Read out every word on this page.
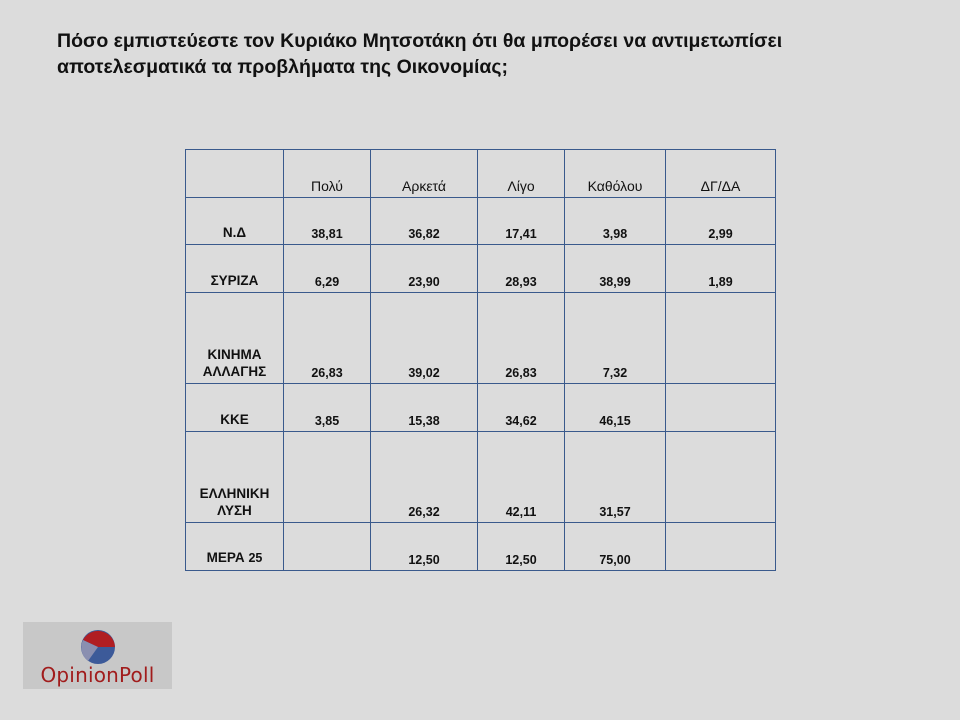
Πόσο εμπιστεύεστε τον Κυριάκο Μητσοτάκη ότι θα μπορέσει να αντιμετωπίσει αποτελεσματικά τα προβλήματα της Οικονομίας;
	Πολύ	Αρκετά	Λίγο	Καθόλου	ΔΓ/ΔΑ
Ν.Δ	38,81	36,82	17,41	3,98	2,99
ΣΥΡΙΖΑ	6,29	23,90	28,93	38,99	1,89
ΚΙΝΗΜΑ ΑΛΛΑΓΗΣ	26,83	39,02	26,83	7,32	
ΚΚΕ	3,85	15,38	34,62	46,15	
ΕΛΛΗΝΙΚΗ ΛΥΣΗ		26,32	42,11	31,57	
ΜΕΡΑ 25		12,50	12,50	75,00	
OpinionPoll
